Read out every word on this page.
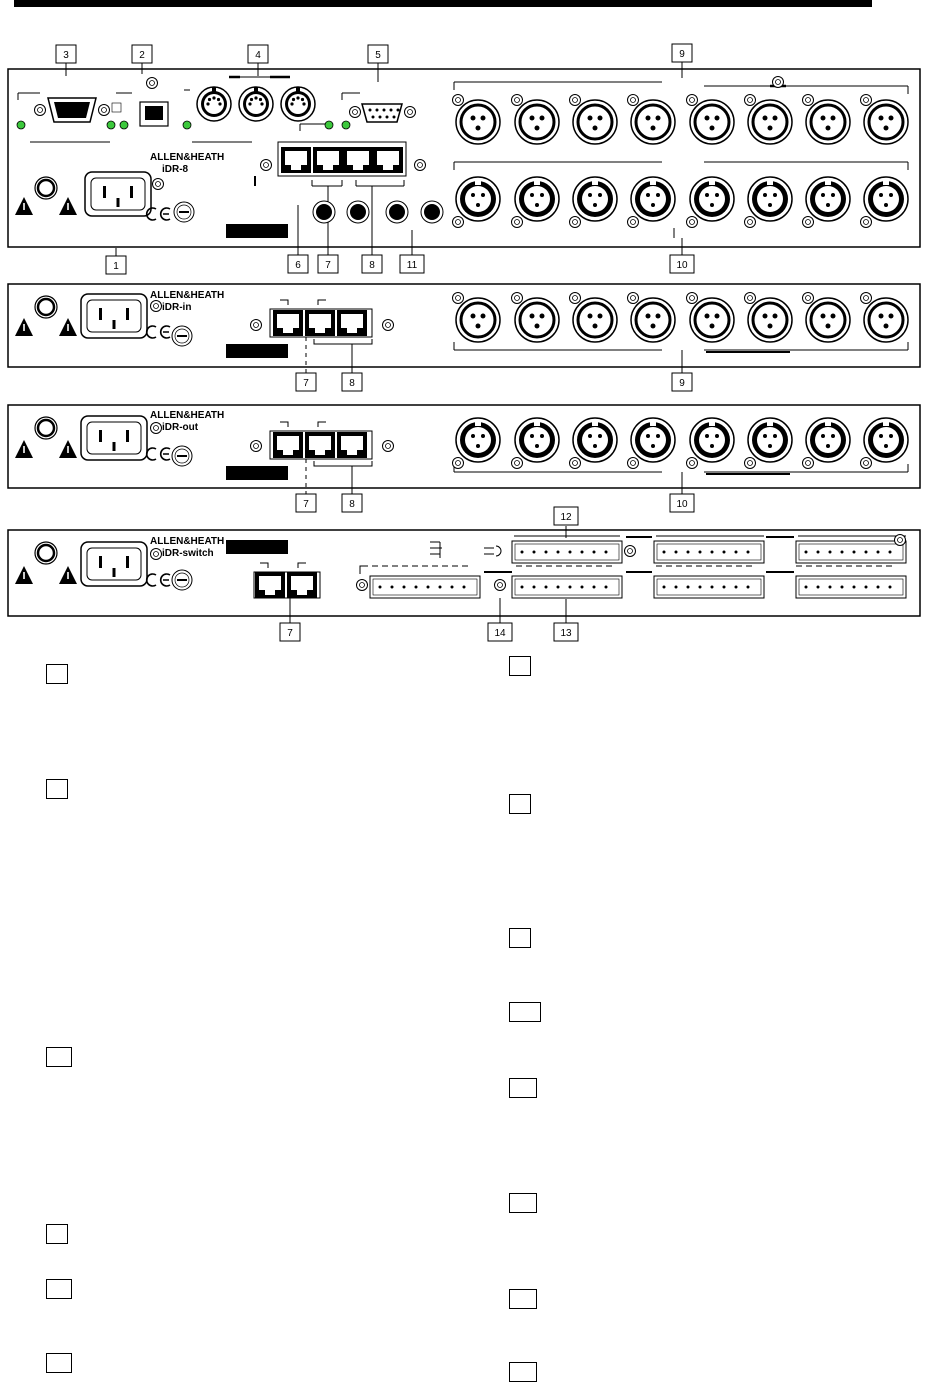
ALLEN&HEATH
iDR-8
3	2	4	5	9
1	6 7	8	11	10
ALLEN&HEATH
iDR-in
7	8	9
ALLEN&HEATH
iDR-out
7	8	10
ALLEN&HEATH
iDR-switch
12
7	14	13
